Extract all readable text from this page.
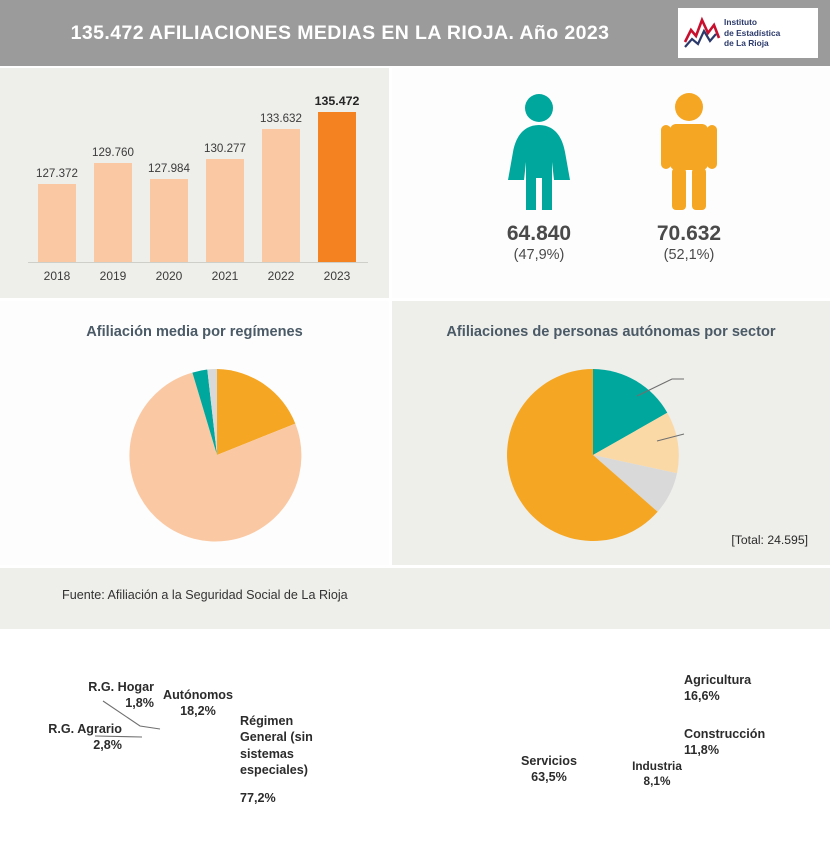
135.472 AFILIACIONES MEDIAS EN LA RIOJA. Año 2023	Instituto
de Estadística
de La Rioja
127.372
2018
129.760
2019
127.984
2020
130.277
2021
133.632
2022
135.472
2023
64.840
(47,9%)
70.632
(52,1%)
Afiliación media por regímenes
R.G. Hogar
1,8%
R.G. Agrario
2,8%
Autónomos
18,2%
Régimen
General (sin
sistemas
especiales)
77,2%
Afiliaciones de personas autónomas por sector
Agricultura
16,6%
Construcción
11,8%
Industria
8,1%
Servicios
63,5%
[Total: 24.595]
Fuente: Afiliación a la Seguridad Social de La Rioja
